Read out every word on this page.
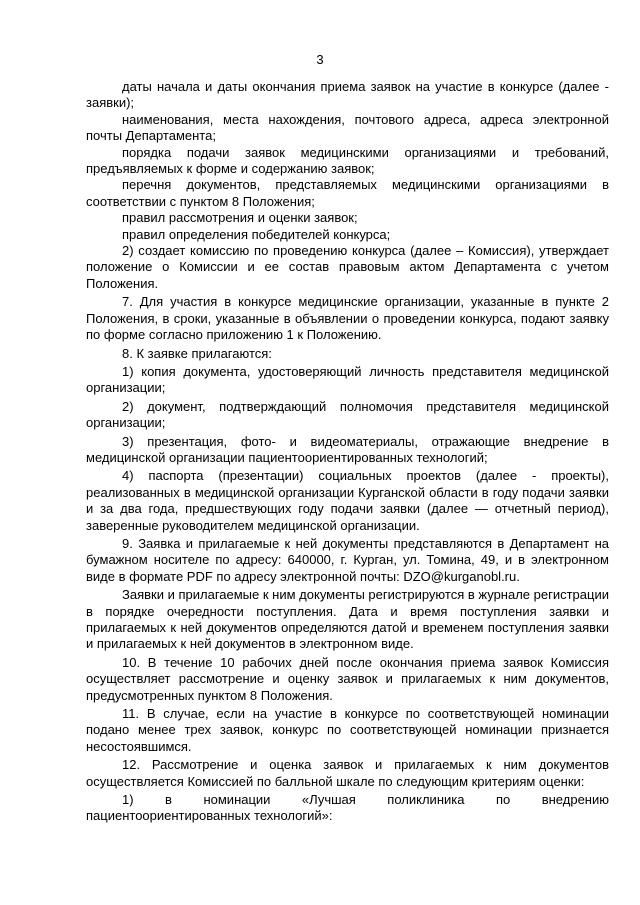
3

даты начала и даты окончания приема заявок на участие в конкурсе (далее - заявки);

наименования, места нахождения, почтового адреса, адреса электронной почты Департамента;

порядка подачи заявок медицинскими организациями и требований, предъявляемых к форме и содержанию заявок;

перечня документов, представляемых медицинскими организациями в соответствии с пунктом 8 Положения;

правил рассмотрения и оценки заявок;

правил определения победителей конкурса;

2) создает комиссию по проведению конкурса (далее – Комиссия), утверждает положение о Комиссии и ее состав правовым актом Департамента с учетом Положения.

7. Для участия в конкурсе медицинские организации, указанные в пункте 2 Положения, в сроки, указанные в объявлении о проведении конкурса, подают заявку по форме согласно приложению 1 к Положению.

8. К заявке прилагаются:

1) копия документа, удостоверяющий личность представителя медицинской организации;

2) документ, подтверждающий полномочия представителя медицинской организации;

3) презентация, фото- и видеоматериалы, отражающие внедрение в медицинской организации пациентоориентированных технологий;

4) паспорта (презентации) социальных проектов (далее - проекты), реализованных в медицинской организации Курганской области в году подачи заявки и за два года, предшествующих году подачи заявки (далее — отчетный период), заверенные руководителем медицинской организации.

9. Заявка и прилагаемые к ней документы представляются в Департамент на бумажном носителе по адресу: 640000, г. Курган, ул. Томина, 49, и в электронном виде в формате PDF по адресу электронной почты: DZO@kurganobl.ru.

Заявки и прилагаемые к ним документы регистрируются в журнале регистрации в порядке очередности поступления. Дата и время поступления заявки и прилагаемых к ней документов определяются датой и временем поступления заявки и прилагаемых к ней документов в электронном виде.

10. В течение 10 рабочих дней после окончания приема заявок Комиссия осуществляет рассмотрение и оценку заявок и прилагаемых к ним документов, предусмотренных пунктом 8 Положения.

11. В случае, если на участие в конкурсе по соответствующей номинации подано менее трех заявок, конкурс по соответствующей номинации признается несостоявшимся.

12. Рассмотрение и оценка заявок и прилагаемых к ним документов осуществляется Комиссией по балльной шкале по следующим критериям оценки:

1) в номинации «Лучшая поликлиника по внедрению пациентоориентированных технологий»:
